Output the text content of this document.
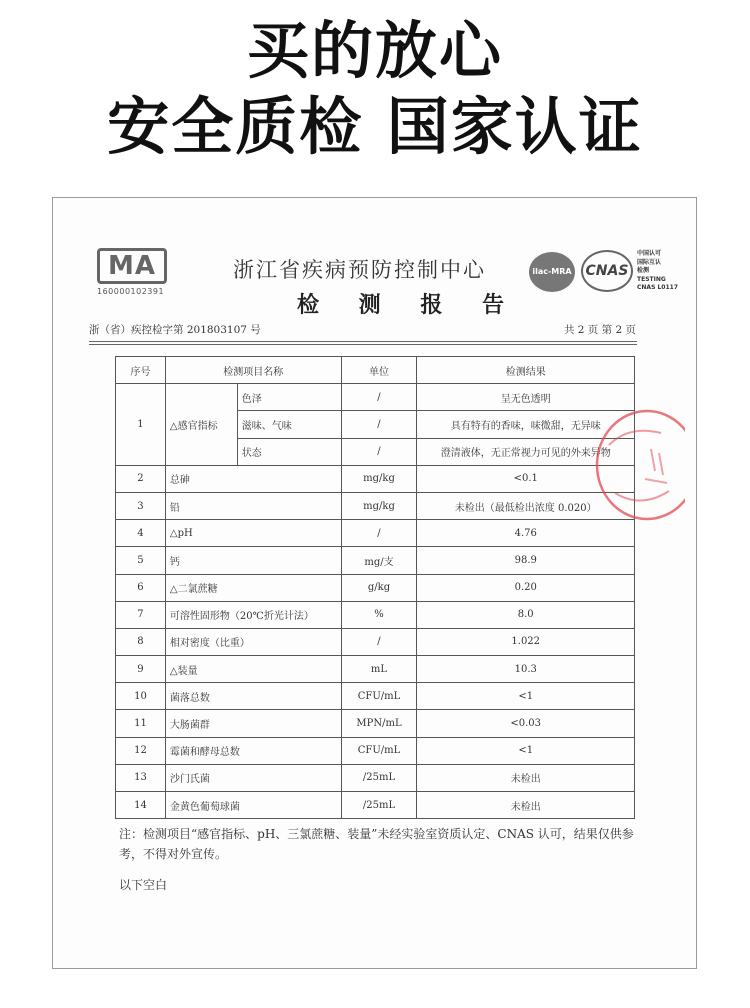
买的放心
安全质检 国家认证
MA
160000102391
浙江省疾病预防控制中心
检 测 报 告
ilac-MRA CNAS
中国认可
国际互认
检测
TESTING
CNAS L0117
浙（省）疾控检字第 201803107 号	共 2 页 第 2 页
序号	检测项目名称		单位	检测结果
1	△感官指标	色泽	/	呈无色透明
		滋味、气味	/	具有特有的香味，味微甜，无异味
		状态	/	澄清液体，无正常视力可见的外来异物
2	总砷		mg/kg	<0.1
3	铅		mg/kg	未检出（最低检出浓度 0.020）
4	△pH		/	4.76
5	钙		mg/支	98.9
6	△二氯蔗糖		g/kg	0.20
7	可溶性固形物（20℃折光计法）		%	8.0
8	相对密度（比重）		/	1.022
9	△装量		mL	10.3
10	菌落总数		CFU/mL	<1
11	大肠菌群		MPN/mL	<0.03
12	霉菌和酵母总数		CFU/mL	<1
13	沙门氏菌		/25mL	未检出
14	金黄色葡萄球菌		/25mL	未检出
注：检测项目“感官指标、pH、三氯蔗糖、装量”未经实验室资质认定、CNAS 认可，结果仅供参考，不得对外宣传。
以下空白
